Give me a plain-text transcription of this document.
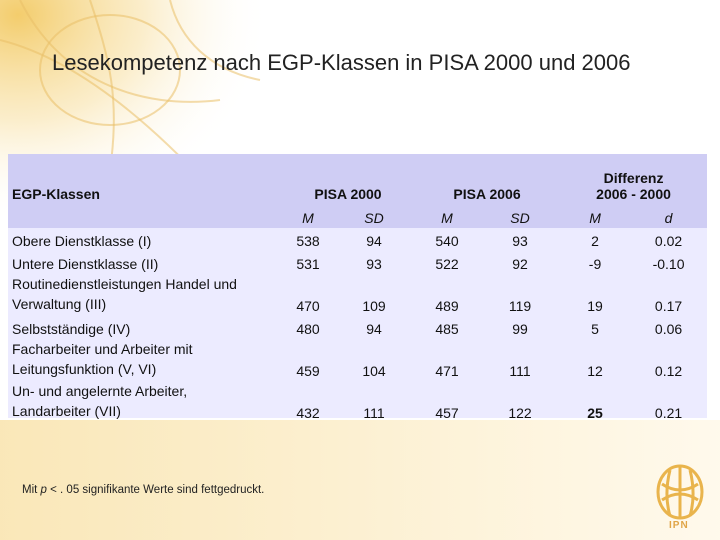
Lesekompetenz nach EGP-Klassen in PISA 2000 und 2006
EGP-Klassen	PISA 2000		PISA 2006		Differenz
2006 - 2000	
	M	SD	M	SD	M	d
Obere Dienstklasse (I)	538	94	540	93	2	0.02
Untere Dienstklasse (II)	531	93	522	92	-9	-0.10
Routinedienstleistungen Handel und
Verwaltung (III)	470	109	489	119	19	0.17
Selbstständige (IV)	480	94	485	99	5	0.06
Facharbeiter und Arbeiter mit
Leitungsfunktion (V, VI)	459	104	471	111	12	0.12
Un- und angelernte Arbeiter,
Landarbeiter (VII)	432	111	457	122	25	0.21
Mit p < . 05 signifikante Werte sind fettgedruckt.
IPN
